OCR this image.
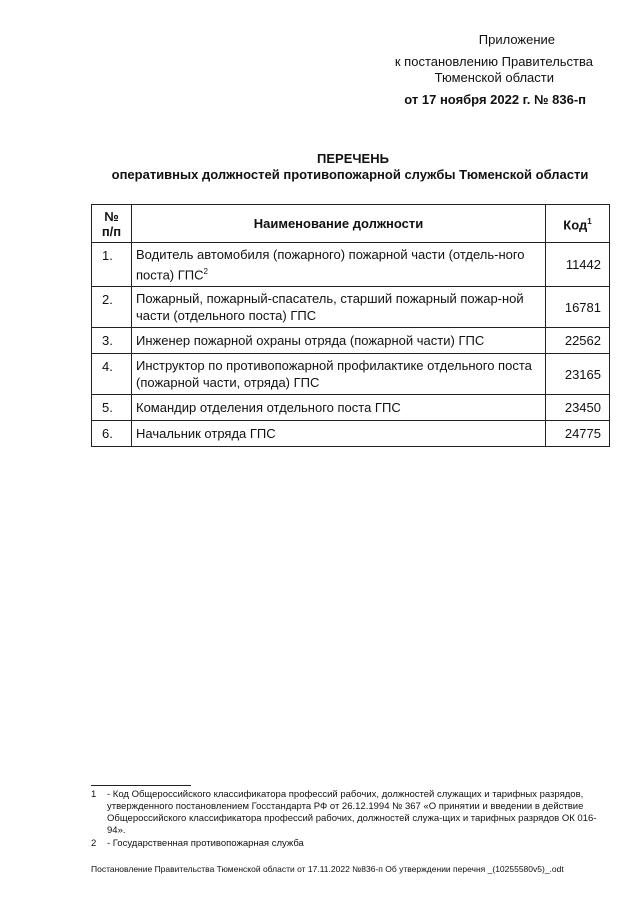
Приложение
к постановлению Правительства
Тюменской области
от 17 ноября 2022 г. № 836-п
ПЕРЕЧЕНЬ
оперативных должностей противопожарной службы Тюменской области
№
п/п	Наименование должности	Код$^1$
1.	Водитель автомобиля (пожарного) пожарной части (отдель-ного поста) ГПС$^2$	11442
2.	Пожарный, пожарный-спасатель, старший пожарный пожар-ной части (отдельного поста) ГПС	16781
3.	Инженер пожарной охраны отряда (пожарной части) ГПС	22562
4.	Инструктор по противопожарной профилактике отдельного поста (пожарной части, отряда) ГПС	23165
5.	Командир отделения отдельного поста ГПС	23450
6.	Начальник отряда ГПС	24775
1 - Код Общероссийского классификатора профессий рабочих, должностей служащих и тарифных разрядов, утвержденного постановлением Госстандарта РФ от 26.12.1994 № 367 «О принятии и введении в действие Общероссийского классификатора профессий рабочих, должностей служа-щих и тарифных разрядов ОК 016-94».
2 - Государственная противопожарная служба
Постановление Правительства Тюменской области от 17.11.2022 №836-п Об утверждении перечня _(10255580v5)_.odt
